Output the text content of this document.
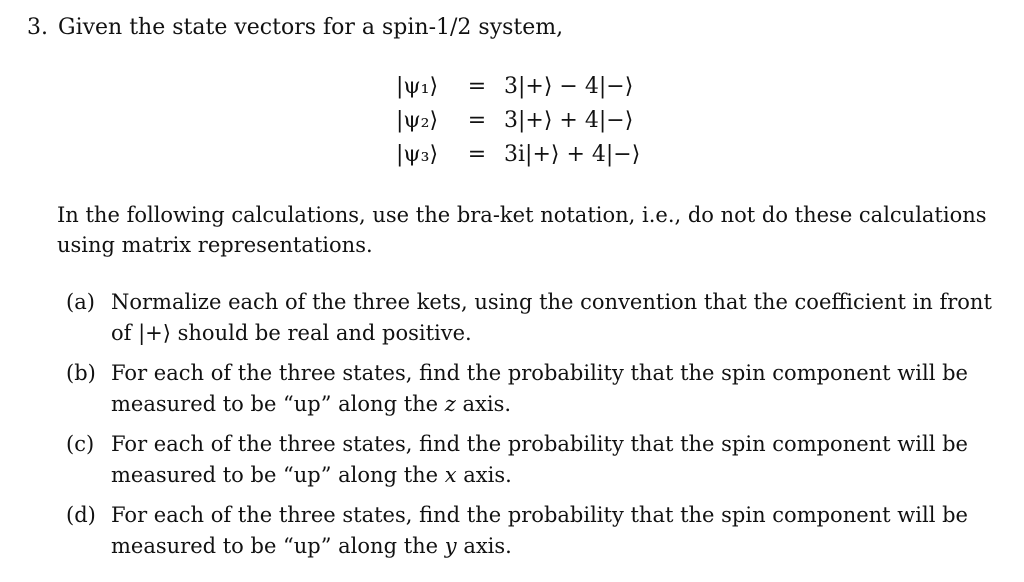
3. Given the state vectors for a spin-1/2 system,
|ψ₁⟩	= 3|+⟩ − 4|−⟩
|ψ₂⟩	= 3|+⟩ + 4|−⟩
|ψ₃⟩	= 3i|+⟩ + 4|−⟩
In the following calculations, use the bra-ket notation, i.e., do not do these calculations using matrix representations.
(a) Normalize each of the three kets, using the convention that the coefficient in front of |+⟩ should be real and positive.
(b) For each of the three states, find the probability that the spin component will be measured to be “up” along the z axis.
(c) For each of the three states, find the probability that the spin component will be measured to be “up” along the x axis.
(d) For each of the three states, find the probability that the spin component will be measured to be “up” along the y axis.
